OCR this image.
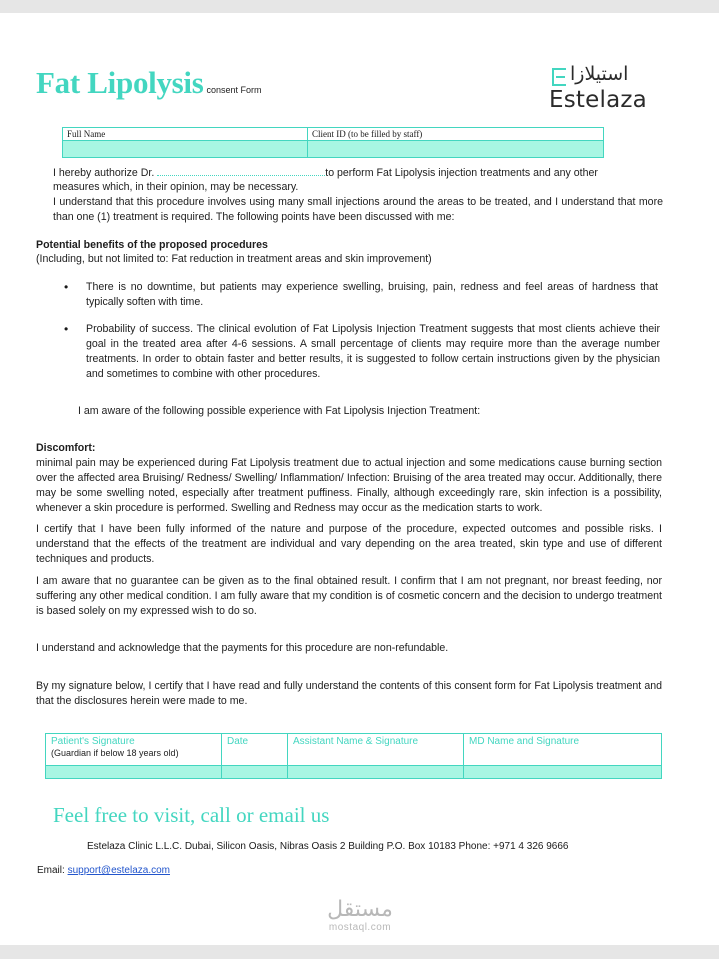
Fat Lipolysis consent Form
استيلازا
Estelaza
Full Name	Client ID (to be filled by staff)

I hereby authorize Dr.	to perform Fat Lipolysis injection treatments and any other
measures which, in their opinion, may be necessary.
I understand that this procedure involves using many small injections around the areas to be treated, and I understand that more than one (1) treatment is required. The following points have been discussed with me:
Potential benefits of the proposed procedures
(Including, but not limited to: Fat reduction in treatment areas and skin improvement)
• There is no downtime, but patients may experience swelling, bruising, pain, redness and feel areas of hardness that typically soften with time.
• Probability of success. The clinical evolution of Fat Lipolysis Injection Treatment suggests that most clients achieve their goal in the treated area after 4-6 sessions. A small percentage of clients may require more than the average number treatments. In order to obtain faster and better results, it is suggested to follow certain instructions given by the physician and sometimes to combine with other procedures.
I am aware of the following possible experience with Fat Lipolysis Injection Treatment:
Discomfort:
minimal pain may be experienced during Fat Lipolysis treatment due to actual injection and some medications cause burning section over the affected area Bruising/ Redness/ Swelling/ Inflammation/ Infection: Bruising of the area treated may occur. Additionally, there may be some swelling noted, especially after treatment puffiness. Finally, although exceedingly rare, skin infection is a possibility, whenever a skin procedure is performed. Swelling and Redness may occur as the medication starts to work.
I certify that I have been fully informed of the nature and purpose of the procedure, expected outcomes and possible risks. I understand that the effects of the treatment are individual and vary depending on the area treated, skin type and use of different techniques and products.
I am aware that no guarantee can be given as to the final obtained result. I confirm that I am not pregnant, nor breast feeding, nor suffering any other medical condition. I am fully aware that my condition is of cosmetic concern and the decision to undergo treatment is based solely on my expressed wish to do so.
I understand and acknowledge that the payments for this procedure are non-refundable.
By my signature below, I certify that I have read and fully understand the contents of this consent form for Fat Lipolysis treatment and that the disclosures herein were made to me.
Patient's Signature
(Guardian if below 18 years old)	Date	Assistant Name & Signature	MD Name and Signature

Feel free to visit, call or email us
Estelaza Clinic L.L.C. Dubai, Silicon Oasis, Nibras Oasis 2 Building P.O. Box 10183 Phone: +971 4 326 9666
Email: support@estelaza.com
مستقل
mostaql.com
